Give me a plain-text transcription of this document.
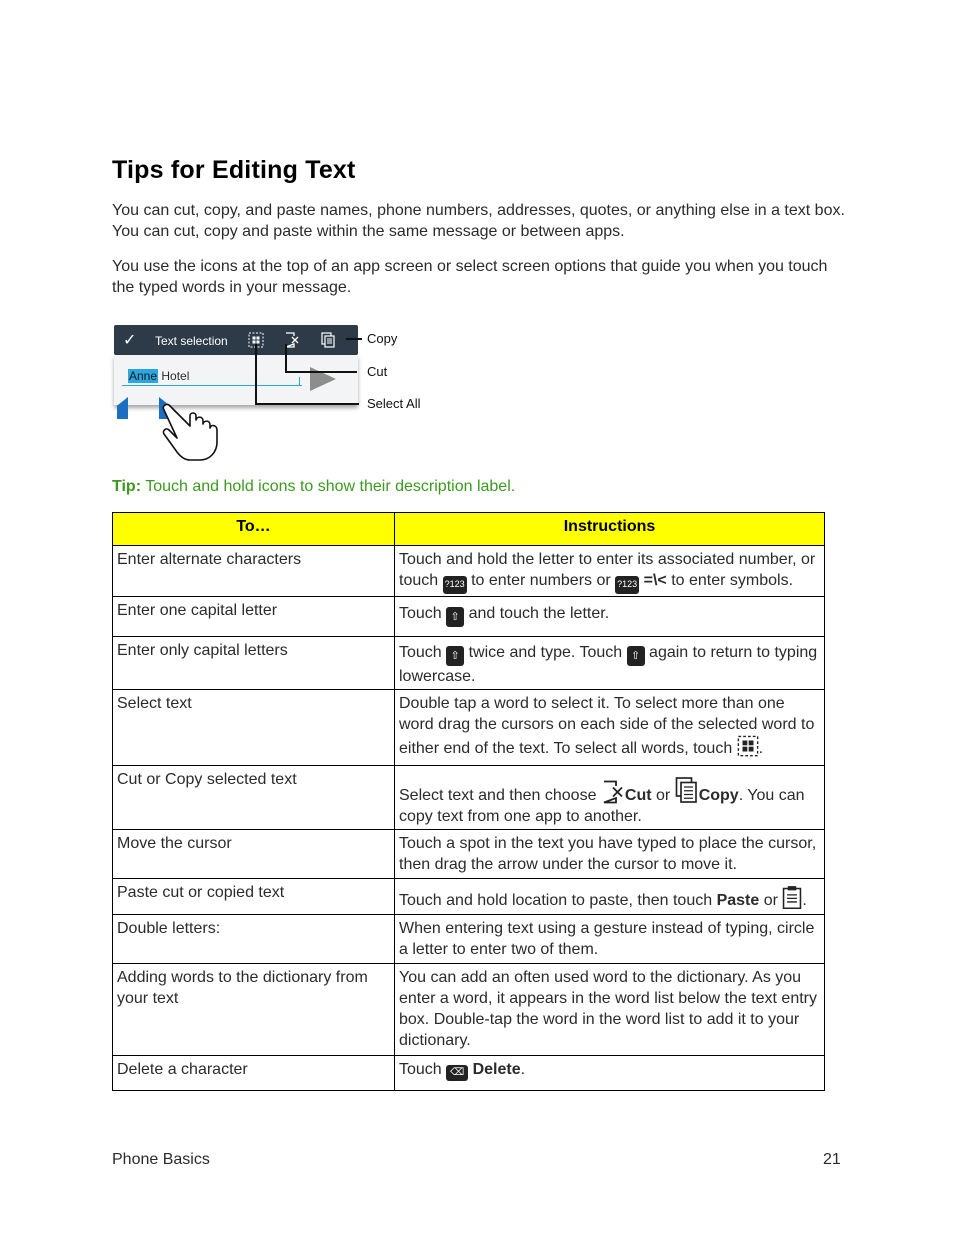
Tips for Editing Text

You can cut, copy, and paste names, phone numbers, addresses, quotes, or anything else in a text box. You can cut, copy and paste within the same message or between apps.

You use the icons at the top of an app screen or select screen options that guide you when you touch the typed words in your message.

✓ Text selection
Anne Hotel
Copy
Cut
Select All
Tip: Touch and hold icons to show their description label.
To…	Instructions
Enter alternate characters	Touch and hold the letter to enter its associated number, or touch ?123 to enter numbers or ?123 =\< to enter symbols.
Enter one capital letter	Touch ⇧ and touch the letter.
Enter only capital letters	Touch ⇧ twice and type. Touch ⇧ again to return to typing lowercase.
Select text	Double tap a word to select it. To select more than one word drag the cursors on each side of the selected word to either end of the text. To select all words, touch .
Cut or Copy selected text	Select text and then choose Cut or Copy. You can copy text from one app to another.
Move the cursor	Touch a spot in the text you have typed to place the cursor, then drag the arrow under the cursor to move it.
Paste cut or copied text	Touch and hold location to paste, then touch Paste or .
Double letters:	When entering text using a gesture instead of typing, circle a letter to enter two of them.
Adding words to the dictionary from your text	You can add an often used word to the dictionary. As you enter a word, it appears in the word list below the text entry box. Double-tap the word in the word list to add it to your dictionary.
Delete a character	Touch ⌫ Delete.
Phone Basics	21
